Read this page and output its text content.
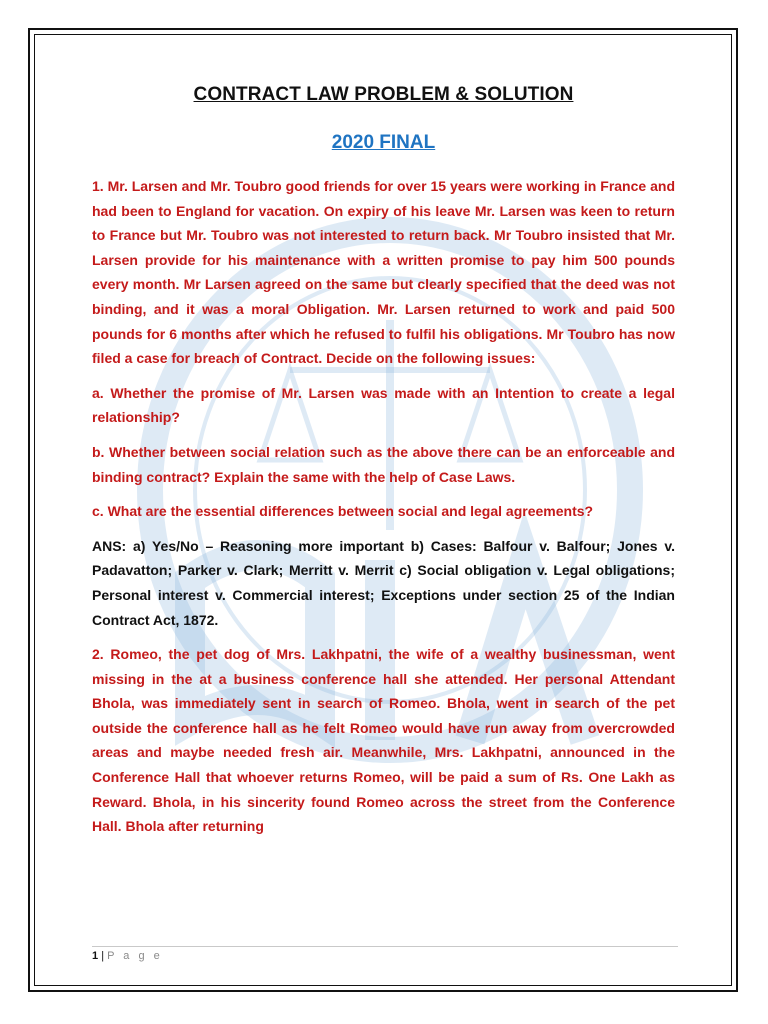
CONTRACT LAW PROBLEM & SOLUTION
2020 FINAL

1. Mr. Larsen and Mr. Toubro good friends for over 15 years were working in France and had been to England for vacation. On expiry of his leave Mr. Larsen was keen to return to France but Mr. Toubro was not interested to return back. Mr Toubro insisted that Mr. Larsen provide for his maintenance with a written promise to pay him 500 pounds every month. Mr Larsen agreed on the same but clearly specified that the deed was not binding, and it was a moral Obligation. Mr. Larsen returned to work and paid 500 pounds for 6 months after which he refused to fulfil his obligations. Mr Toubro has now filed a case for breach of Contract. Decide on the following issues:

a. Whether the promise of Mr. Larsen was made with an Intention to create a legal relationship?

b. Whether between social relation such as the above there can be an enforceable and binding contract? Explain the same with the help of Case Laws.

c. What are the essential differences between social and legal agreements?

ANS: a) Yes/No – Reasoning more important b) Cases: Balfour v. Balfour; Jones v. Padavatton; Parker v. Clark; Merritt v. Merrit c) Social obligation v. Legal obligations; Personal interest v. Commercial interest; Exceptions under section 25 of the Indian Contract Act, 1872.

2. Romeo, the pet dog of Mrs. Lakhpatni, the wife of a wealthy businessman, went missing in the at a business conference hall she attended. Her personal Attendant Bhola, was immediately sent in search of Romeo. Bhola, went in search of the pet outside the conference hall as he felt Romeo would have run away from overcrowded areas and maybe needed fresh air. Meanwhile, Mrs. Lakhpatni, announced in the Conference Hall that whoever returns Romeo, will be paid a sum of Rs. One Lakh as Reward. Bhola, in his sincerity found Romeo across the street from the Conference Hall. Bhola after returning

1 | P a g e
